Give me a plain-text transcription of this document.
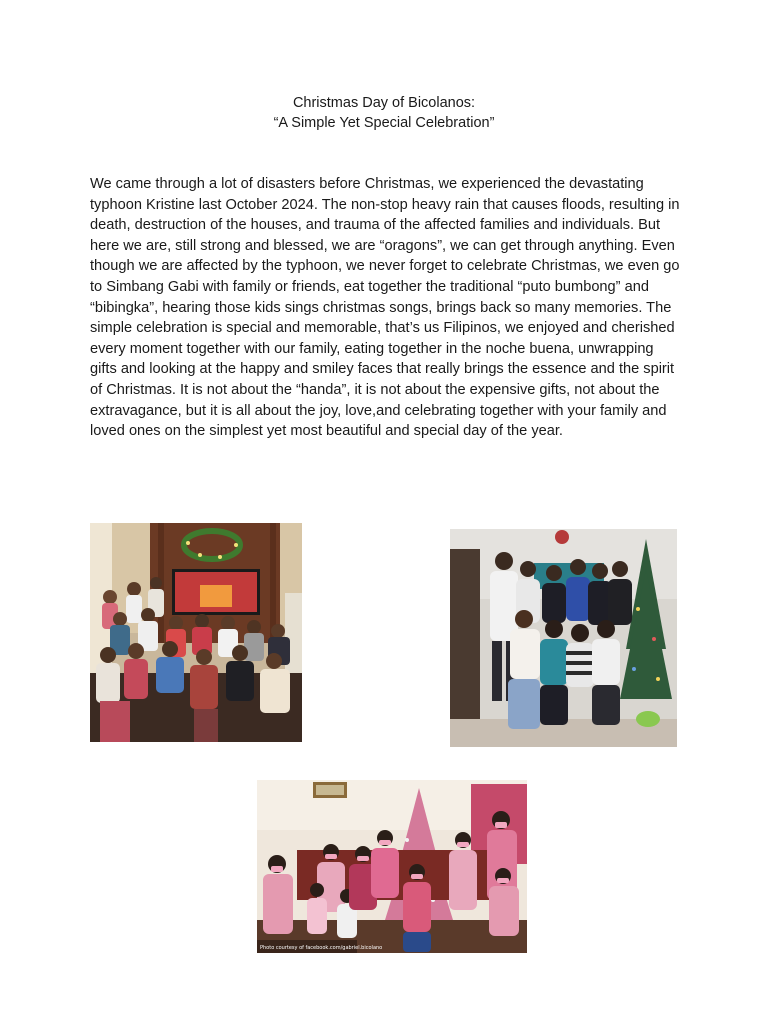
Christmas Day of Bicolanos:
“A Simple Yet Special Celebration”

We came through a lot of disasters before Christmas, we experienced the devastating typhoon Kristine last October 2024. The non-stop heavy rain that causes floods, resulting in death, destruction of the houses, and trauma of the affected families and individuals. But here we are, still strong and blessed, we are “oragons”, we can get through anything. Even though we are affected by the typhoon, we never forget to celebrate Christmas, we even go to Simbang Gabi with family or friends, eat together the traditional “puto bumbong” and “bibingka”, hearing those kids sings christmas songs, brings back so many memories. The simple celebration is special and memorable, that’s us Filipinos, we enjoyed and cherished every moment together with our family, eating together in the noche buena, unwrapping gifts and looking at the happy and smiley faces that really brings the essence and the spirit of Christmas. It is not about the “handa”, it is not about the expensive gifts, not about the extravagance, but it is all about the joy, love,and celebrating together with your family and loved ones on the simplest yet most beautiful and special day of the year.

Photo courtesy of facebook.com/gabriel.bicolano
